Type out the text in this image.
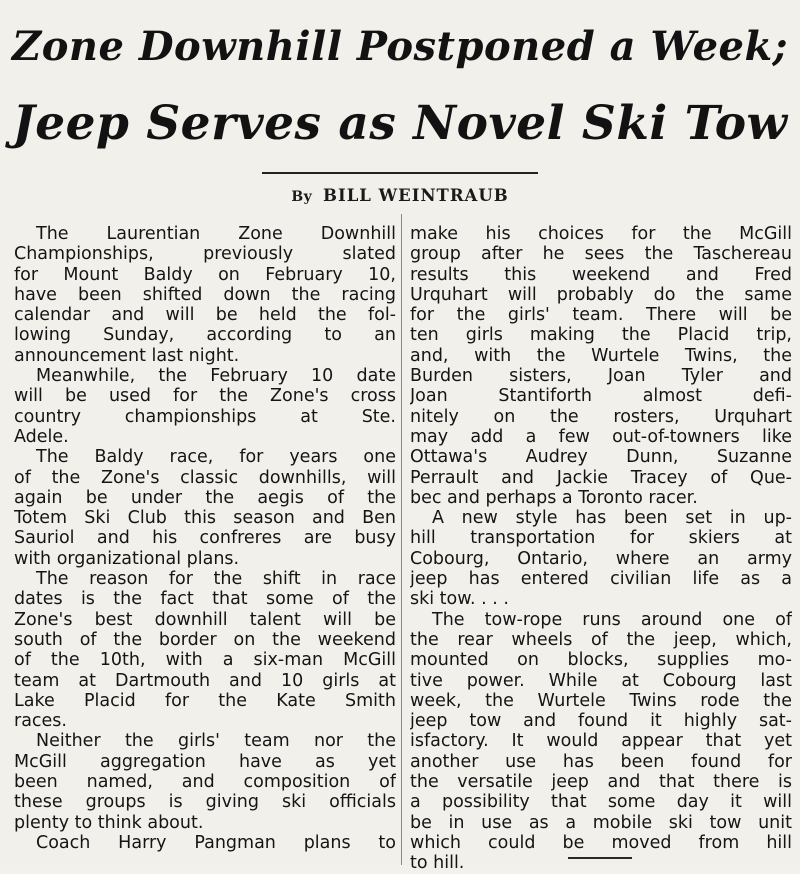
Zone Downhill Postponed a Week;
Jeep Serves as Novel Ski Tow
By BILL WEINTRAUB
The Laurentian Zone Downhill
Championships, previously slated
for Mount Baldy on February 10,
have been shifted down the racing
calendar and will be held the fol-
lowing Sunday, according to an
announcement last night.
Meanwhile, the February 10 date
will be used for the Zone's cross
country championships at Ste.
Adele.
The Baldy race, for years one
of the Zone's classic downhills, will
again be under the aegis of the
Totem Ski Club this season and Ben
Sauriol and his confreres are busy
with organizational plans.
The reason for the shift in race
dates is the fact that some of the
Zone's best downhill talent will be
south of the border on the weekend
of the 10th, with a six-man McGill
team at Dartmouth and 10 girls at
Lake Placid for the Kate Smith
races.
Neither the girls' team nor the
McGill aggregation have as yet
been named, and composition of
these groups is giving ski officials
plenty to think about.
Coach Harry Pangman plans to
make his choices for the McGill
group after he sees the Taschereau
results this weekend and Fred
Urquhart will probably do the same
for the girls' team. There will be
ten girls making the Placid trip,
and, with the Wurtele Twins, the
Burden sisters, Joan Tyler and
Joan Stantiforth almost defi-
nitely on the rosters, Urquhart
may add a few out-of-towners like
Ottawa's Audrey Dunn, Suzanne
Perrault and Jackie Tracey of Que-
bec and perhaps a Toronto racer.
A new style has been set in up-
hill transportation for skiers at
Cobourg, Ontario, where an army
jeep has entered civilian life as a
ski tow. . . .
The tow-rope runs around one of
the rear wheels of the jeep, which,
mounted on blocks, supplies mo-
tive power. While at Cobourg last
week, the Wurtele Twins rode the
jeep tow and found it highly sat-
isfactory. It would appear that yet
another use has been found for
the versatile jeep and that there is
a possibility that some day it will
be in use as a mobile ski tow unit
which could be moved from hill
to hill.
